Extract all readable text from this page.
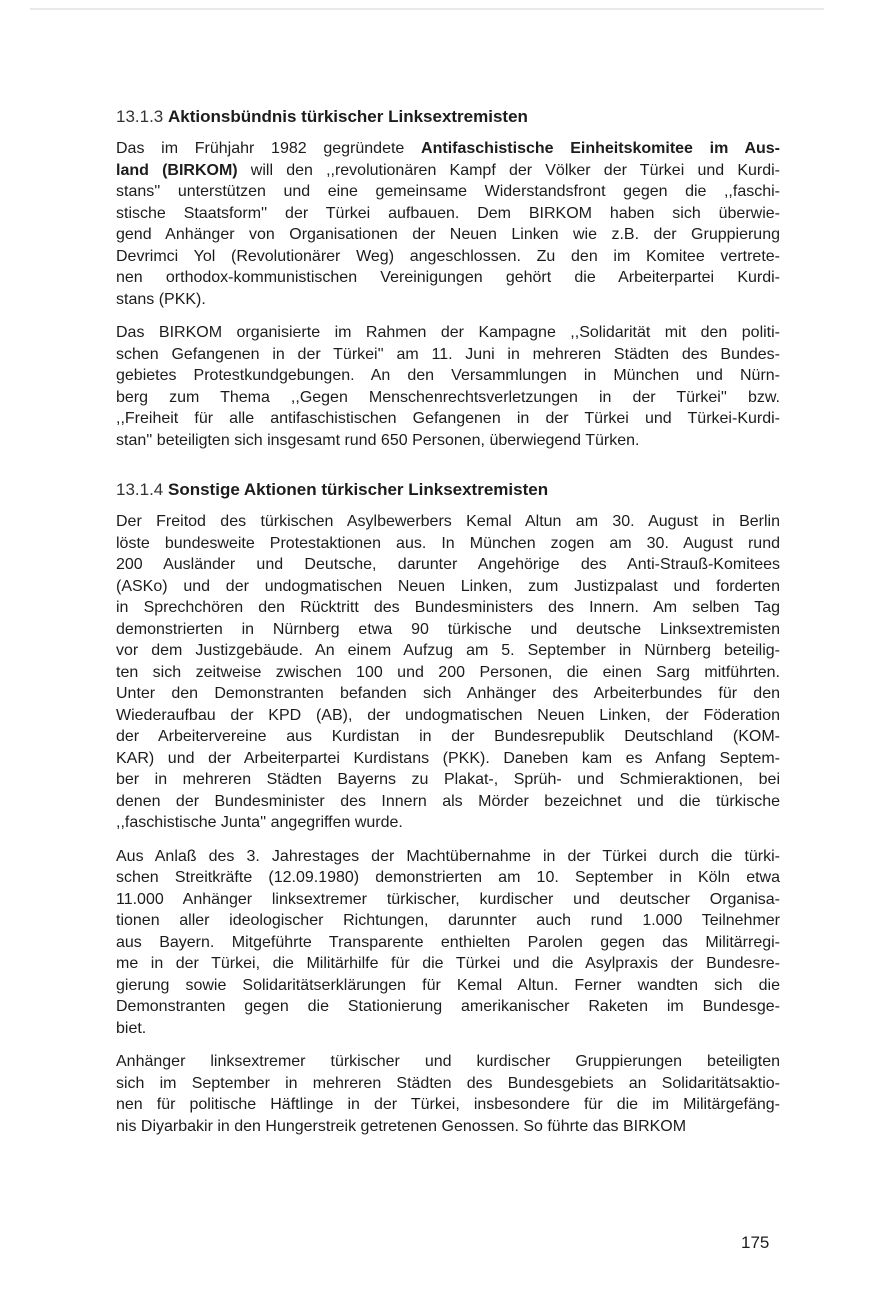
13.1.3 Aktionsbündnis türkischer Linksextremisten
Das im Frühjahr 1982 gegründete Antifaschistische Einheitskomitee im Aus-
land (BIRKOM) will den ,,revolutionären Kampf der Völker der Türkei und Kurdi-
stans'' unterstützen und eine gemeinsame Widerstandsfront gegen die ,,faschi-
stische Staatsform'' der Türkei aufbauen. Dem BIRKOM haben sich überwie-
gend Anhänger von Organisationen der Neuen Linken wie z.B. der Gruppierung
Devrimci Yol (Revolutionärer Weg) angeschlossen. Zu den im Komitee vertrete-
nen orthodox-kommunistischen Vereinigungen gehört die Arbeiterpartei Kurdi-
stans (PKK).
Das BIRKOM organisierte im Rahmen der Kampagne ,,Solidarität mit den politi-
schen Gefangenen in der Türkei'' am 11. Juni in mehreren Städten des Bundes-
gebietes Protestkundgebungen. An den Versammlungen in München und Nürn-
berg zum Thema ,,Gegen Menschenrechtsverletzungen in der Türkei'' bzw.
,,Freiheit für alle antifaschistischen Gefangenen in der Türkei und Türkei-Kurdi-
stan'' beteiligten sich insgesamt rund 650 Personen, überwiegend Türken.
13.1.4 Sonstige Aktionen türkischer Linksextremisten
Der Freitod des türkischen Asylbewerbers Kemal Altun am 30. August in Berlin
löste bundesweite Protestaktionen aus. In München zogen am 30. August rund
200 Ausländer und Deutsche, darunter Angehörige des Anti-Strauß-Komitees
(ASKo) und der undogmatischen Neuen Linken, zum Justizpalast und forderten
in Sprechchören den Rücktritt des Bundesministers des Innern. Am selben Tag
demonstrierten in Nürnberg etwa 90 türkische und deutsche Linksextremisten
vor dem Justizgebäude. An einem Aufzug am 5. September in Nürnberg beteilig-
ten sich zeitweise zwischen 100 und 200 Personen, die einen Sarg mitführten.
Unter den Demonstranten befanden sich Anhänger des Arbeiterbundes für den
Wiederaufbau der KPD (AB), der undogmatischen Neuen Linken, der Föderation
der Arbeitervereine aus Kurdistan in der Bundesrepublik Deutschland (KOM-
KAR) und der Arbeiterpartei Kurdistans (PKK). Daneben kam es Anfang Septem-
ber in mehreren Städten Bayerns zu Plakat-, Sprüh- und Schmieraktionen, bei
denen der Bundesminister des Innern als Mörder bezeichnet und die türkische
,,faschistische Junta'' angegriffen wurde.
Aus Anlaß des 3. Jahrestages der Machtübernahme in der Türkei durch die türki-
schen Streitkräfte (12.09.1980) demonstrierten am 10. September in Köln etwa
11.000 Anhänger linksextremer türkischer, kurdischer und deutscher Organisa-
tionen aller ideologischer Richtungen, darunnter auch rund 1.000 Teilnehmer
aus Bayern. Mitgeführte Transparente enthielten Parolen gegen das Militärregi-
me in der Türkei, die Militärhilfe für die Türkei und die Asylpraxis der Bundesre-
gierung sowie Solidaritätserklärungen für Kemal Altun. Ferner wandten sich die
Demonstranten gegen die Stationierung amerikanischer Raketen im Bundesge-
biet.
Anhänger linksextremer türkischer und kurdischer Gruppierungen beteiligten
sich im September in mehreren Städten des Bundesgebiets an Solidaritätsaktio-
nen für politische Häftlinge in der Türkei, insbesondere für die im Militärgefäng-
nis Diyarbakir in den Hungerstreik getretenen Genossen. So führte das BIRKOM
175
